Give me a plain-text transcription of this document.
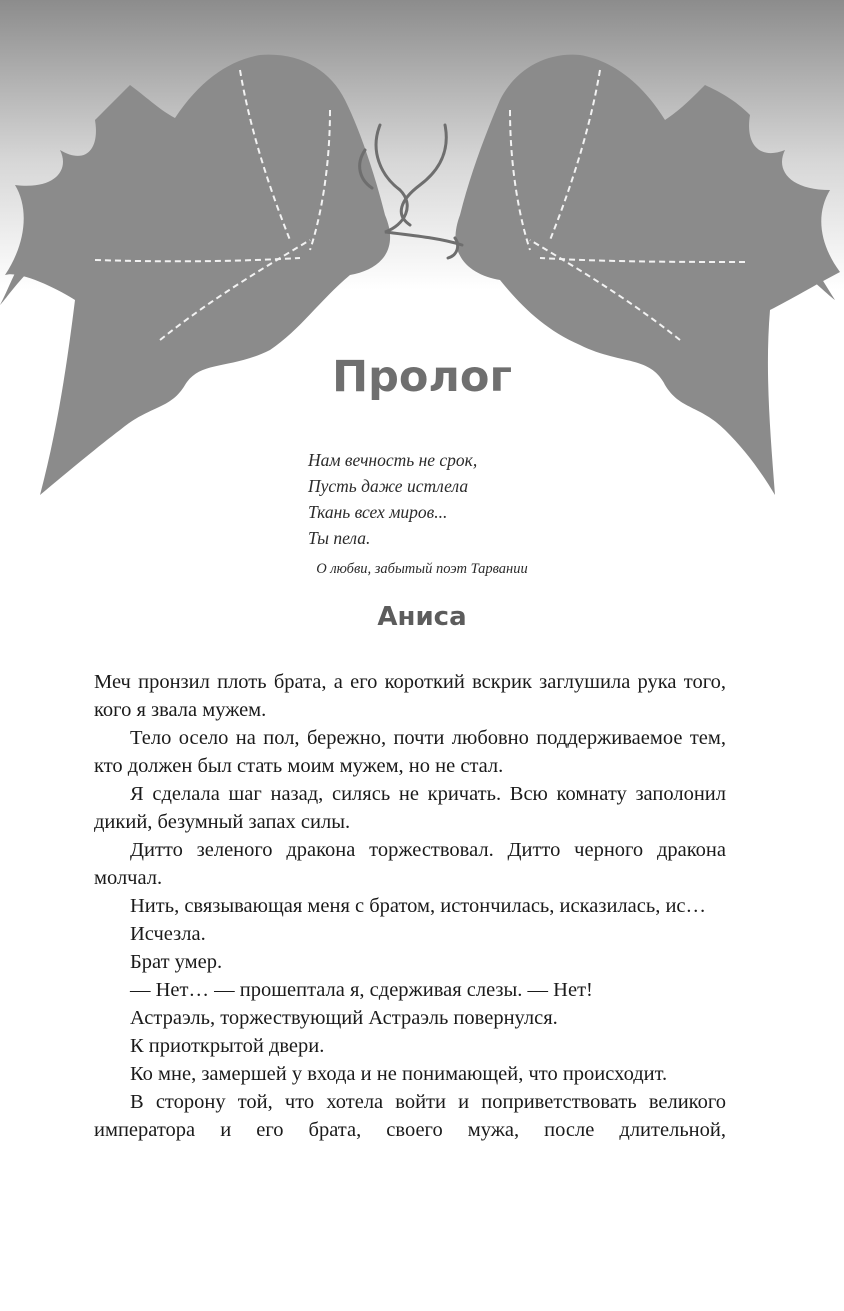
Пролог
Нам вечность не срок,
Пусть даже истлела
Ткань всех миров...
Ты пела.
О любви, забытый поэт Тарвании
Аниса

Меч пронзил плоть брата, а его короткий вскрик заглушила рука того, кого я звала мужем.

Тело осело на пол, бережно, почти любовно поддерживаемое тем, кто должен был стать моим мужем, но не стал.

Я сделала шаг назад, силясь не кричать. Всю комнату заполонил дикий, безумный запах силы.

Дитто зеленого дракона торжествовал. Дитто черного дракона молчал.

Нить, связывающая меня с братом, истончилась, исказилась, ис…

Исчезла.

Брат умер.

— Нет… — прошептала я, сдерживая слезы. — Нет!

Астраэль, торжествующий Астраэль повернулся.

К приоткрытой двери.

Ко мне, замершей у входа и не понимающей, что происходит.

В сторону той, что хотела войти и поприветствовать великого императора и его брата, своего мужа, после длительной,
